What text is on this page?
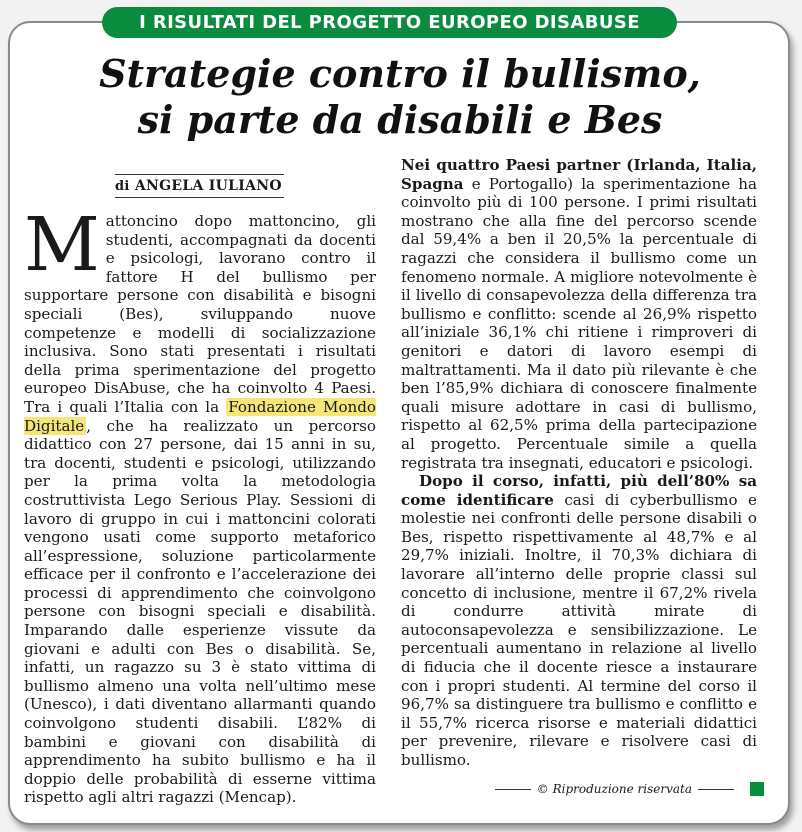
I RISULTATI DEL PROGETTO EUROPEO DISABUSE
Strategie contro il bullismo,
si parte da disabili e Bes
di ANGELA IULIANO

Mattoncino dopo mattoncino, gli studenti, accompagnati da docenti e psicologi, lavorano contro il fattore H del bullismo per supportare persone con disabilità e bisogni speciali (Bes), sviluppando nuove competenze e modelli di socializzazione inclusiva. Sono stati presentati i risultati della prima sperimentazione del progetto europeo DisAbuse, che ha coinvolto 4 Paesi. Tra i quali l’Italia con la Fondazione Mondo Digitale , che ha realizzato un percorso didattico con 27 persone, dai 15 anni in su, tra docenti, studenti e psicologi, utilizzando per la prima volta la metodologia costruttivista Lego Serious Play. Sessioni di lavoro di gruppo in cui i mattoncini colorati vengono usati come supporto metaforico all’espressione, soluzione particolarmente efficace per il confronto e l’accelerazione dei processi di apprendimento che coinvolgono persone con bisogni speciali e disabilità. Imparando dalle esperienze vissute da giovani e adulti con Bes o disabilità. Se, infatti, un ragazzo su 3 è stato vittima di bullismo almeno una volta nell’ultimo mese (Unesco), i dati diventano allarmanti quando coinvolgono studenti disabili. L’82% di bambini e giovani con disabilità di apprendimento ha subito bullismo e ha il doppio delle probabilità di esserne vittima rispetto agli altri ragazzi (Mencap).

Nei quattro Paesi partner (Irlanda, Italia, Spagna e Portogallo) la sperimentazione ha coinvolto più di 100 persone. I primi risultati mostrano che alla fine del percorso scende dal 59,4% a ben il 20,5% la percentuale di ragazzi che considera il bullismo come un fenomeno normale. A migliore notevolmente è il livello di consapevolezza della differenza tra bullismo e conflitto: scende al 26,9% rispetto all’iniziale 36,1% chi ritiene i rimproveri di genitori e datori di lavoro esempi di maltrattamenti. Ma il dato più rilevante è che ben l’85,9% dichiara di conoscere finalmente quali misure adottare in casi di bullismo, rispetto al 62,5% prima della partecipazione al progetto. Percentuale simile a quella registrata tra insegnati, educatori e psicologi.

Dopo il corso, infatti, più dell’80% sa come identificare casi di cyberbullismo e molestie nei confronti delle persone disabili o Bes, rispetto rispettivamente al 48,7% e al 29,7% iniziali. Inoltre, il 70,3% dichiara di lavorare all’interno delle proprie classi sul concetto di inclusione, mentre il 67,2% rivela di condurre attività mirate di autoconsapevolezza e sensibilizzazione. Le percentuali aumentano in relazione al livello di fiducia che il docente riesce a instaurare con i propri studenti. Al termine del corso il 96,7% sa distinguere tra bullismo e conflitto e il 55,7% ricerca risorse e materiali didattici per prevenire, rilevare e risolvere casi di bullismo.

© Riproduzione riservata
